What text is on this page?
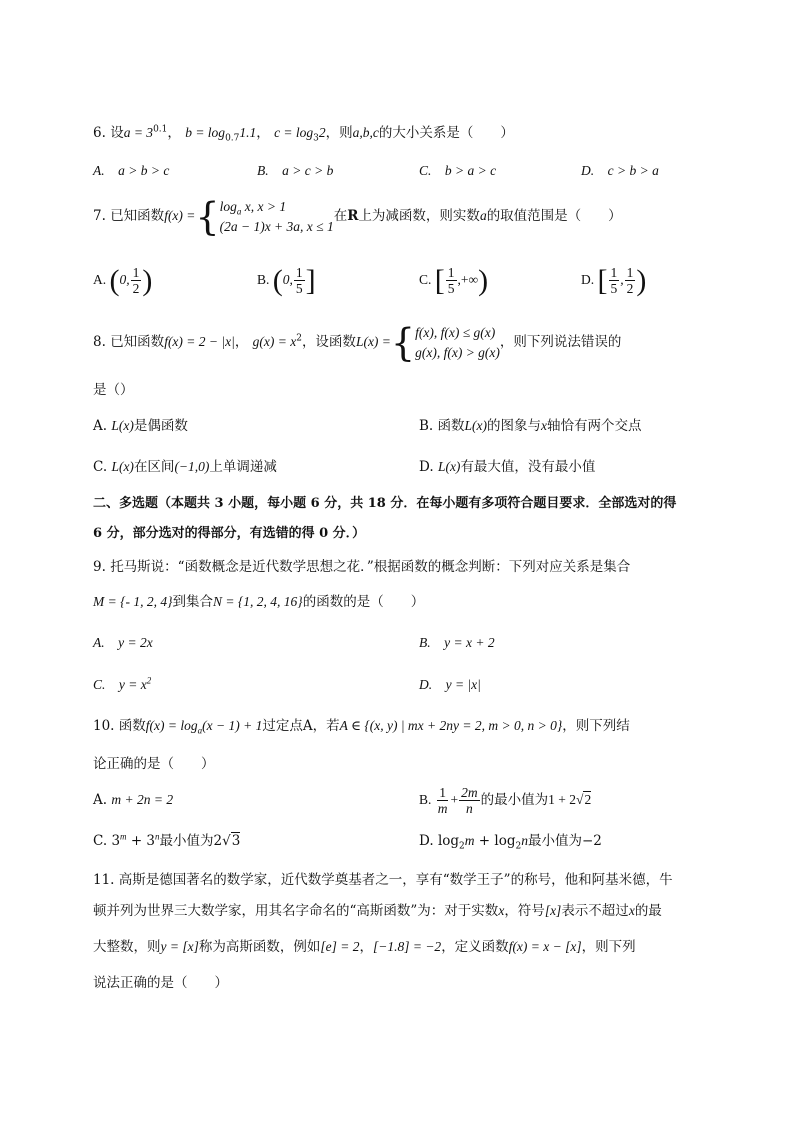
6. 设$a = 3^{0.1}$， $b = \log_{0.7}1.1$， $c = \log_32$，则a,b,c的大小关系是（　　）
A.　a > b > c	B.　a > c > b	C.　b > a > c	D.　c > b > a
7. 已知函数f(x) ={ $\log_a x$, x > 1
(2a − 1)x + 3a, x ≤ 1
在R上为减函数，则实数a的取值范围是（　　）
A. (0, $\frac{1}{2}$ )	B. (0, $\frac{1}{5}$ ]	C. [ $\frac{1}{5}$ ,+∞)	D. [ $\frac{1}{5}$ , $\frac{1}{2}$ )
8. 已知函数f(x) = 2 − |x|， $g(x) = x^2$，设函数L(x) ={ f(x), f(x) ≤ g(x)
g(x), f(x) > g(x)
，则下列说法错误的
是（）
A. L(x)是偶函数	B. 函数L(x)的图象与x轴恰有两个交点
C. L(x)在区间(−1,0)上单调递减	D. L(x)有最大值，没有最小值
二、多选题（本题共 3 小题，每小题 6 分，共 18 分．在每小题有多项符合题目要求．全部选对的得
6 分，部分选对的得部分，有选错的得 0 分．）
9. 托马斯说：“函数概念是近代数学思想之花．”根据函数的概念判断：下列对应关系是集合
M = {- 1, 2, 4}到集合N = {1, 2, 4, 16}的函数的是（　　）
A.　y = 2x	B.　y = x + 2
C.　$y = x^2$	D.　y = |x|
10. 函数$f(x) = \log_a(x - 1) + 1$过定点A，若A ∈ {(x, y) | mx + 2ny = 2, m > 0, n > 0}，则下列结
论正确的是（　　）
A. m + 2n = 2	B. $\frac{1}{m} + \frac{2m}{n}$ 的最小值为1 + 2√2
C. $3^m + 3^n$最小值为2√3	D. $\log_2m + \log_2n$最小值为−2
11. 高斯是德国著名的数学家，近代数学奠基者之一，享有“数学王子”的称号，他和阿基米德，牛
顿并列为世界三大数学家，用其名字命名的“高斯函数”为：对于实数x，符号[x]表示不超过x的最
大整数，则y = [x]称为高斯函数，例如[e] = 2，[−1.8] = −2，定义函数f(x) = x − [x]，则下列
说法正确的是（　　）
